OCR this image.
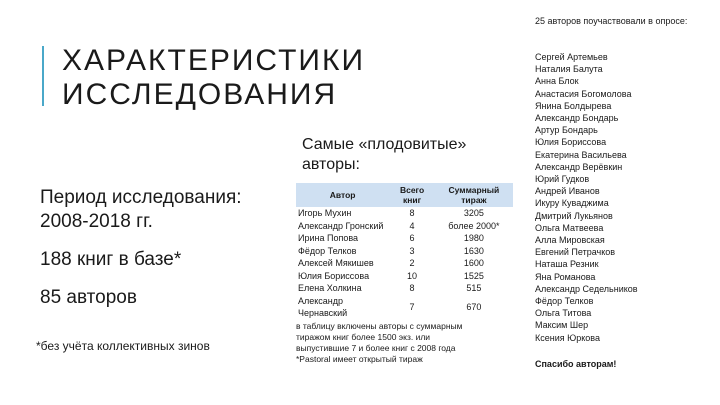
ХАРАКТЕРИСТИКИ
ИССЛЕДОВАНИЯ

Период исследования: 2008-2018 гг.

188 книг в базе*

85 авторов

*без учёта коллективных зинов
Самые «плодовитые» авторы:
Автор	Всего книг	Суммарный тираж
Игорь Мухин	8	3205
Александр Гронский	4	более 2000*
Ирина Попова	6	1980
Фёдор Телков	3	1630
Алексей Мякишев	2	1600
Юлия Бориссова	10	1525
Елена Холкина	8	515
Александр Чернавский	7	670
в таблицу включены авторы с суммарным
тиражом книг более 1500 экз. или
выпустившие 7 и более книг с 2008 года
*Pastoral имеет открытый тираж
25 авторов поучаствовали в опросе:
Сергей Артемьев
Наталия Балута
Анна Блок
Анастасия Богомолова
Янина Болдырева
Александр Бондарь
Артур Бондарь
Юлия Бориссова
Екатерина Васильева
Александр Верёвкин
Юрий Гудков
Андрей Иванов
Икуру Куваджима
Дмитрий Лукьянов
Ольга Матвеева
Алла Мировская
Евгений Петрачков
Наташа Резник
Яна Романова
Александр Седельников
Фёдор Телков
Ольга Титова
Максим Шер
Ксения Юркова
Спасибо авторам!
